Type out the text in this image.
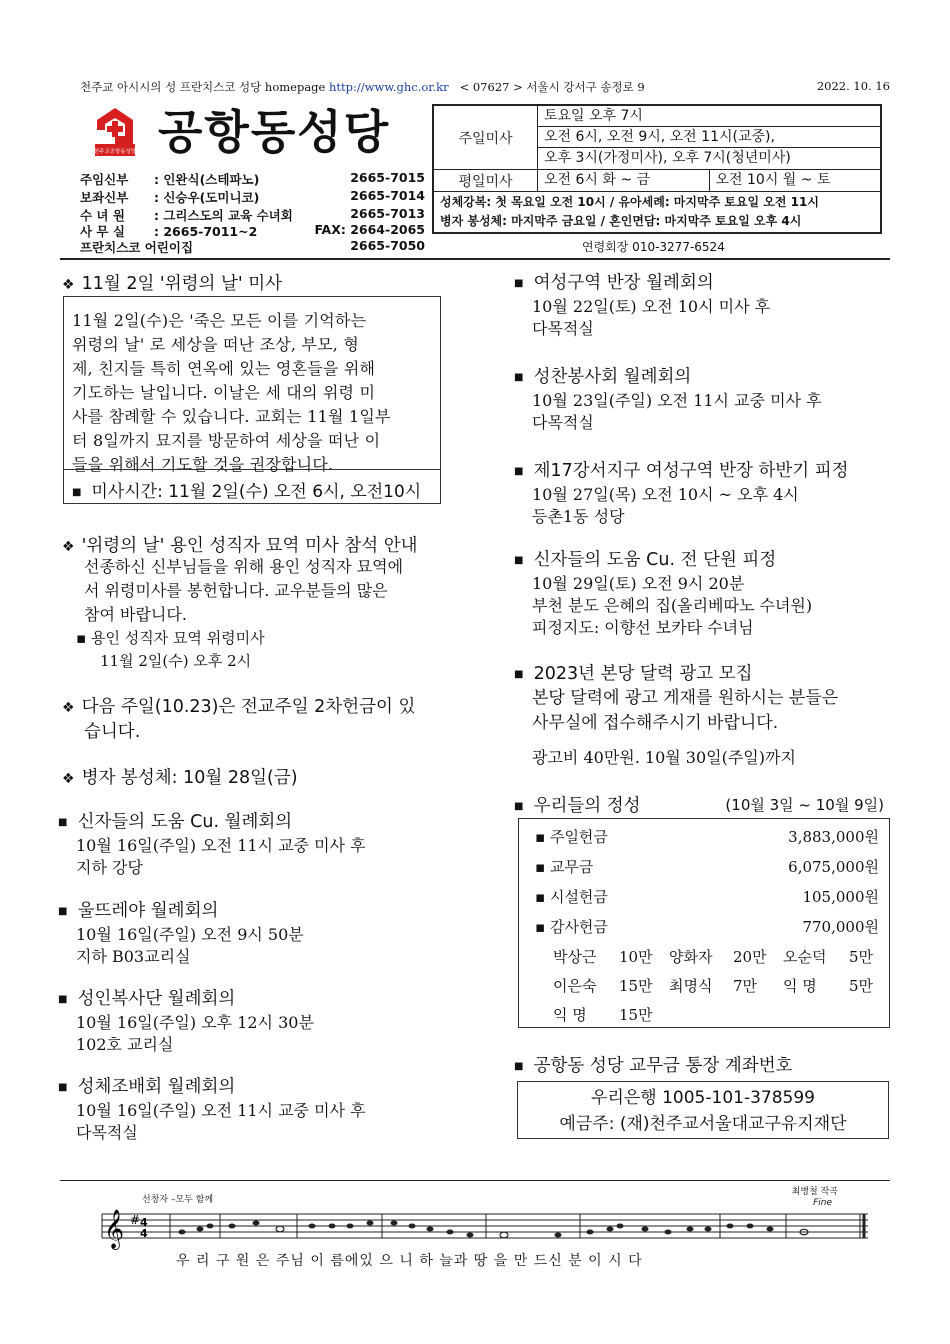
천주교 아시시의 성 프란치스코 성당 homepage http://www.ghc.or.kr < 07627 > 서울시 강서구 송정로 9	2022. 10. 16
천주교공항동성당 공항동성당
주임신부 : 인완식(스테파노)	2665-7015
보좌신부 : 신승우(도미니코)	2665-7014
수 녀 원 : 그리스도의 교육 수녀회	2665-7013
사 무 실 : 2665-7011~2	FAX: 2664-2065
프란치스코 어린이집	2665-7050
주일미사
토요일 오후 7시
오전 6시, 오전 9시, 오전 11시(교중),
오후 3시(가정미사), 오후 7시(청년미사)
평일미사	오전 6시 화 ~ 금	오전 10시 월 ~ 토
성체강복: 첫 목요일 오전 10시 / 유아세례: 마지막주 토요일 오전 11시
병자 봉성체: 마지막주 금요일 / 혼인면담: 마지막주 토요일 오후 4시
연령회장 010-3277-6524
❖ 11월 2일 '위령의 날' 미사
11월 2일(수)은 '죽은 모든 이를 기억하는
위령의 날' 로 세상을 떠난 조상, 부모, 형
제, 친지들 특히 연옥에 있는 영혼들을 위해
기도하는 날입니다. 이날은 세 대의 위령 미
사를 참례할 수 있습니다. 교회는 11월 1일부
터 8일까지 묘지를 방문하여 세상을 떠난 이
들을 위해서 기도할 것을 권장합니다.
■ 미사시간: 11월 2일(수) 오전 6시, 오전10시
❖ '위령의 날' 용인 성직자 묘역 미사 참석 안내
선종하신 신부님들을 위해 용인 성직자 묘역에
서 위령미사를 봉헌합니다. 교우분들의 많은
참여 바랍니다.
▪ 용인 성직자 묘역 위령미사
11월 2일(수) 오후 2시
❖ 다음 주일(10.23)은 전교주일 2차헌금이 있
습니다.
❖ 병자 봉성체: 10월 28일(금)
■ 신자들의 도움 Cu. 월례회의
10월 16일(주일) 오전 11시 교중 미사 후
지하 강당
■ 울뜨레야 월례회의
10월 16일(주일) 오전 9시 50분
지하 B03교리실
■ 성인복사단 월례회의
10월 16일(주일) 오후 12시 30분
102호 교리실
■ 성체조배회 월례회의
10월 16일(주일) 오전 11시 교중 미사 후
다목적실
■ 여성구역 반장 월례회의
10월 22일(토) 오전 10시 미사 후
다목적실
■ 성찬봉사회 월례회의
10월 23일(주일) 오전 11시 교중 미사 후
다목적실
■ 제17강서지구 여성구역 반장 하반기 피정
10월 27일(목) 오전 10시 ~ 오후 4시
등촌1동 성당
■ 신자들의 도움 Cu. 전 단원 피정
10월 29일(토) 오전 9시 20분
부천 분도 은혜의 집(올리베따노 수녀원)
피정지도: 이향선 보카타 수녀님
■ 2023년 본당 달력 광고 모집
본당 달력에 광고 게재를 원하시는 분들은
사무실에 접수해주시기 바랍니다.
광고비 40만원. 10월 30일(주일)까지
■ 우리들의 정성	(10월 3일 ~ 10월 9일)
▪ 주일헌금	3,883,000원
▪ 교무금	6,075,000원
▪ 시설헌금	105,000원
▪ 감사헌금	770,000원
박상근 10만 양화자 20만 오순덕 5만
이은숙 15만 최명식 7만 익 명 5만
익 명 15만
■ 공항동 성당 교무금 통장 계좌번호
우리은행 1005-101-378599
예금주: (재)천주교서울대교구유지재단
선창자 –모두 함께
최병철 작곡
Fine
𝄞 # 4
4
우 리 구 원 은 주님 이 름에있 으 니 하 늘과 땅 을 만 드신 분 이 시 다
